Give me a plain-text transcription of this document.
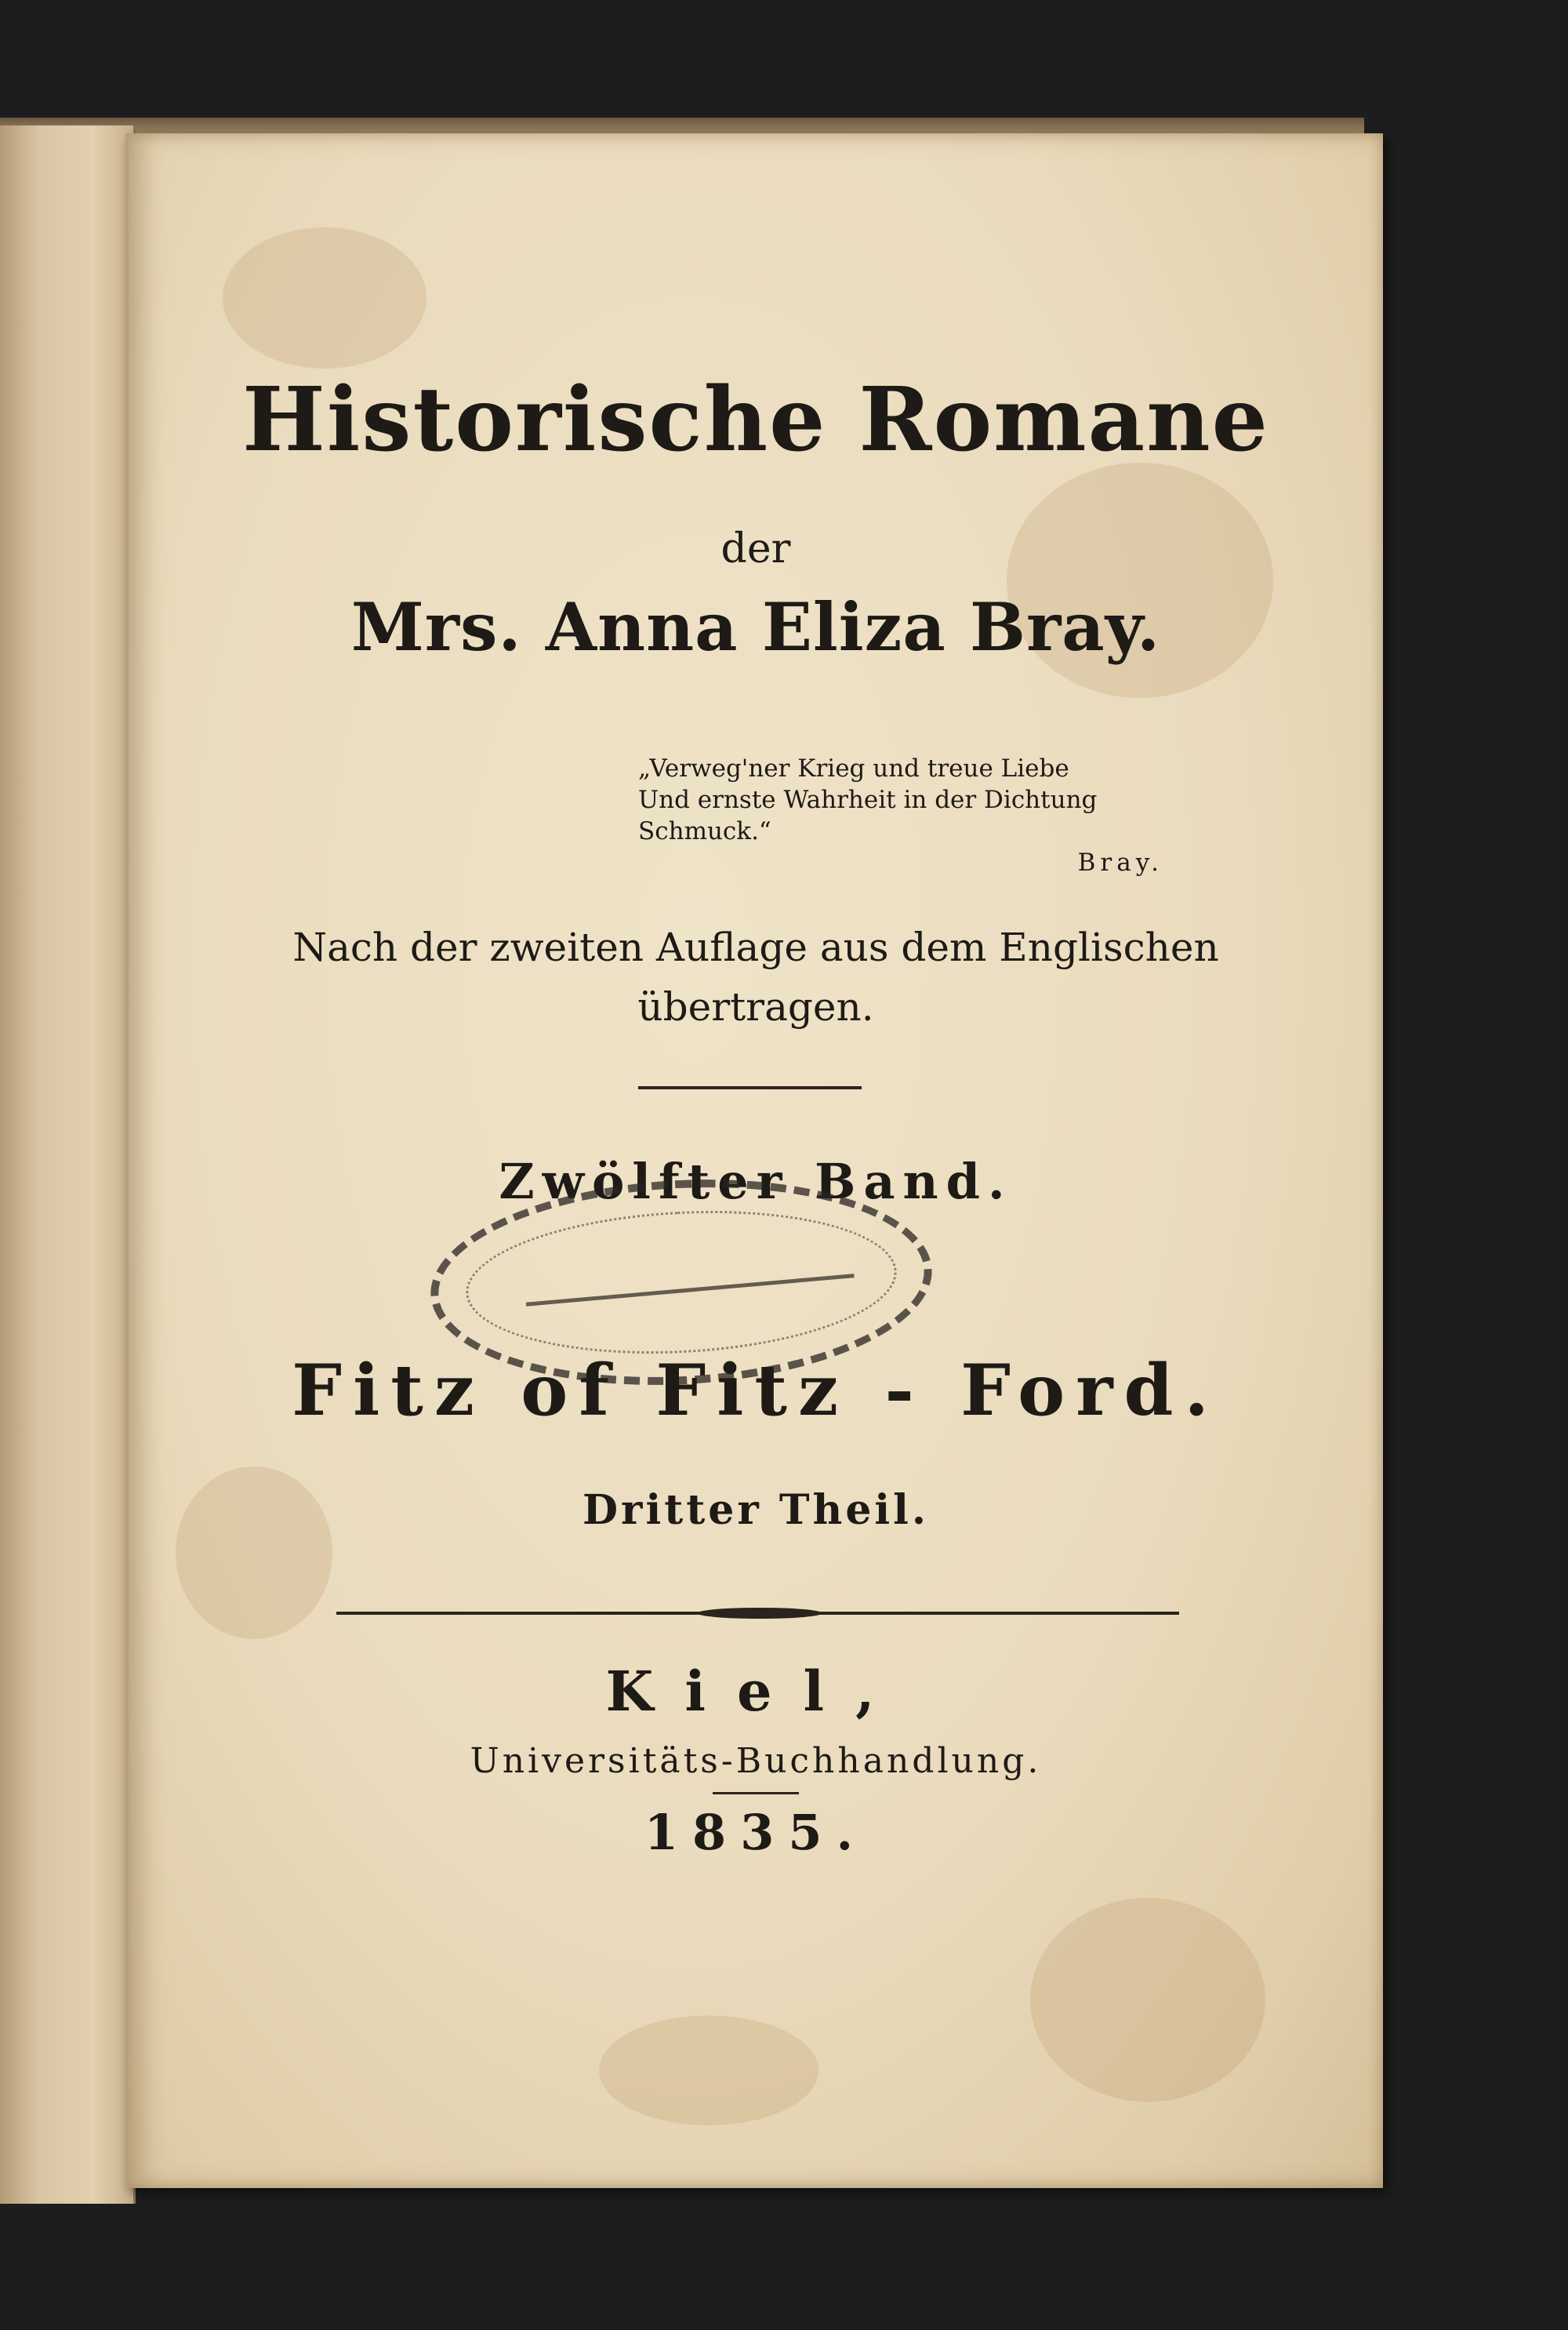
Historische Romane
der
Mrs. Anna Eliza Bray.
„Verweg'ner Krieg und treue Liebe
Und ernste Wahrheit in der Dichtung Schmuck.“
Bray.
Nach der zweiten Auflage aus dem Englischen
übertragen.
Zwölfter Band.
Fitz of Fitz - Ford.
Dritter Theil.
Kiel,
Universitäts-Buchhandlung.
1835.
